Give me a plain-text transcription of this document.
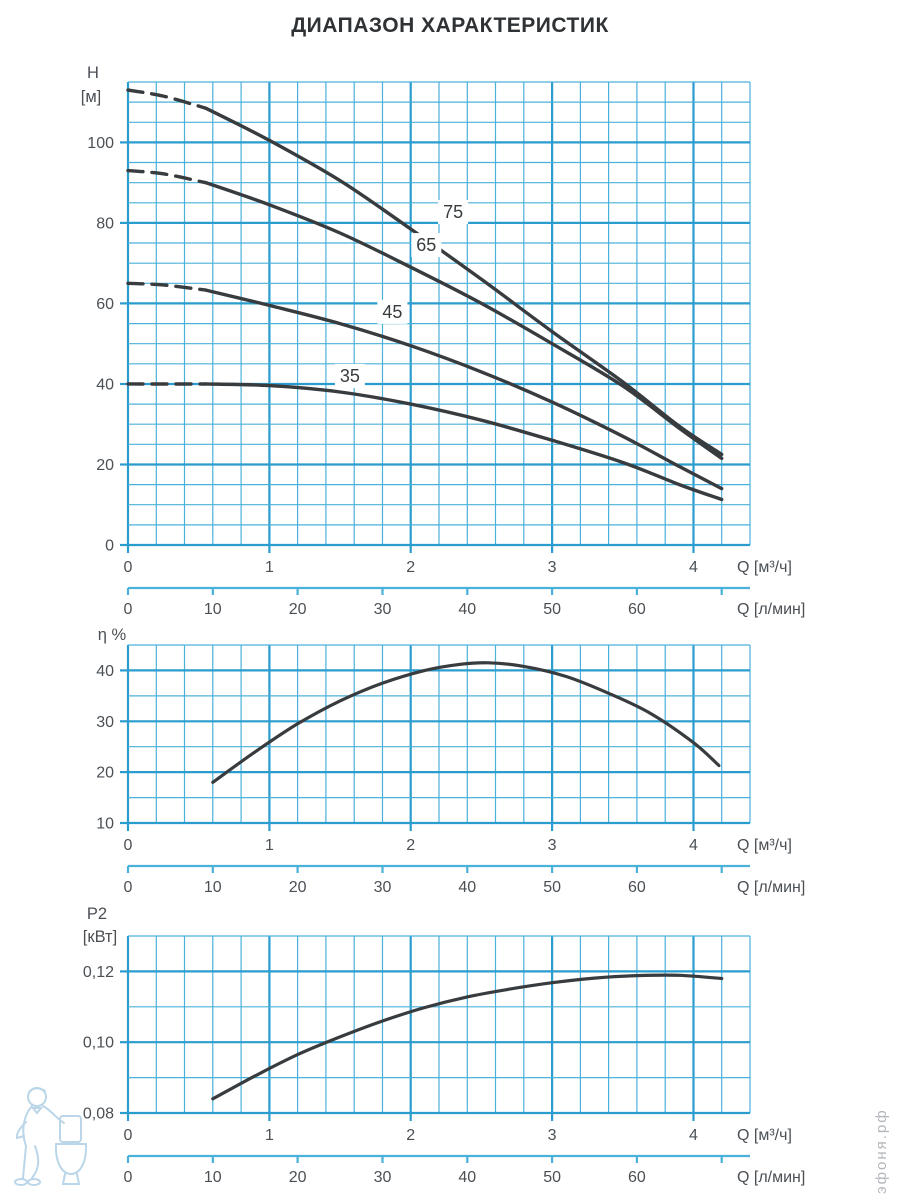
ДИАПАЗОН ХАРАКТЕРИСТИК
0
20
40
60
80
100
0	1	2	3	4 Q [м³/ч]
0	10	20	30	40	50	60	Q [л/мин]
H
[м]
75
65
45
35
10
20
30
40
0	1	2	3	4 Q [м³/ч]
0	10	20	30	40	50	60	Q [л/мин]
η %
0,08
0,10
0,12
0	1	2	3	4 Q [м³/ч]
0	10	20	30	40	50	60	Q [л/мин]
P2
[кВт]
эфоня.рф
